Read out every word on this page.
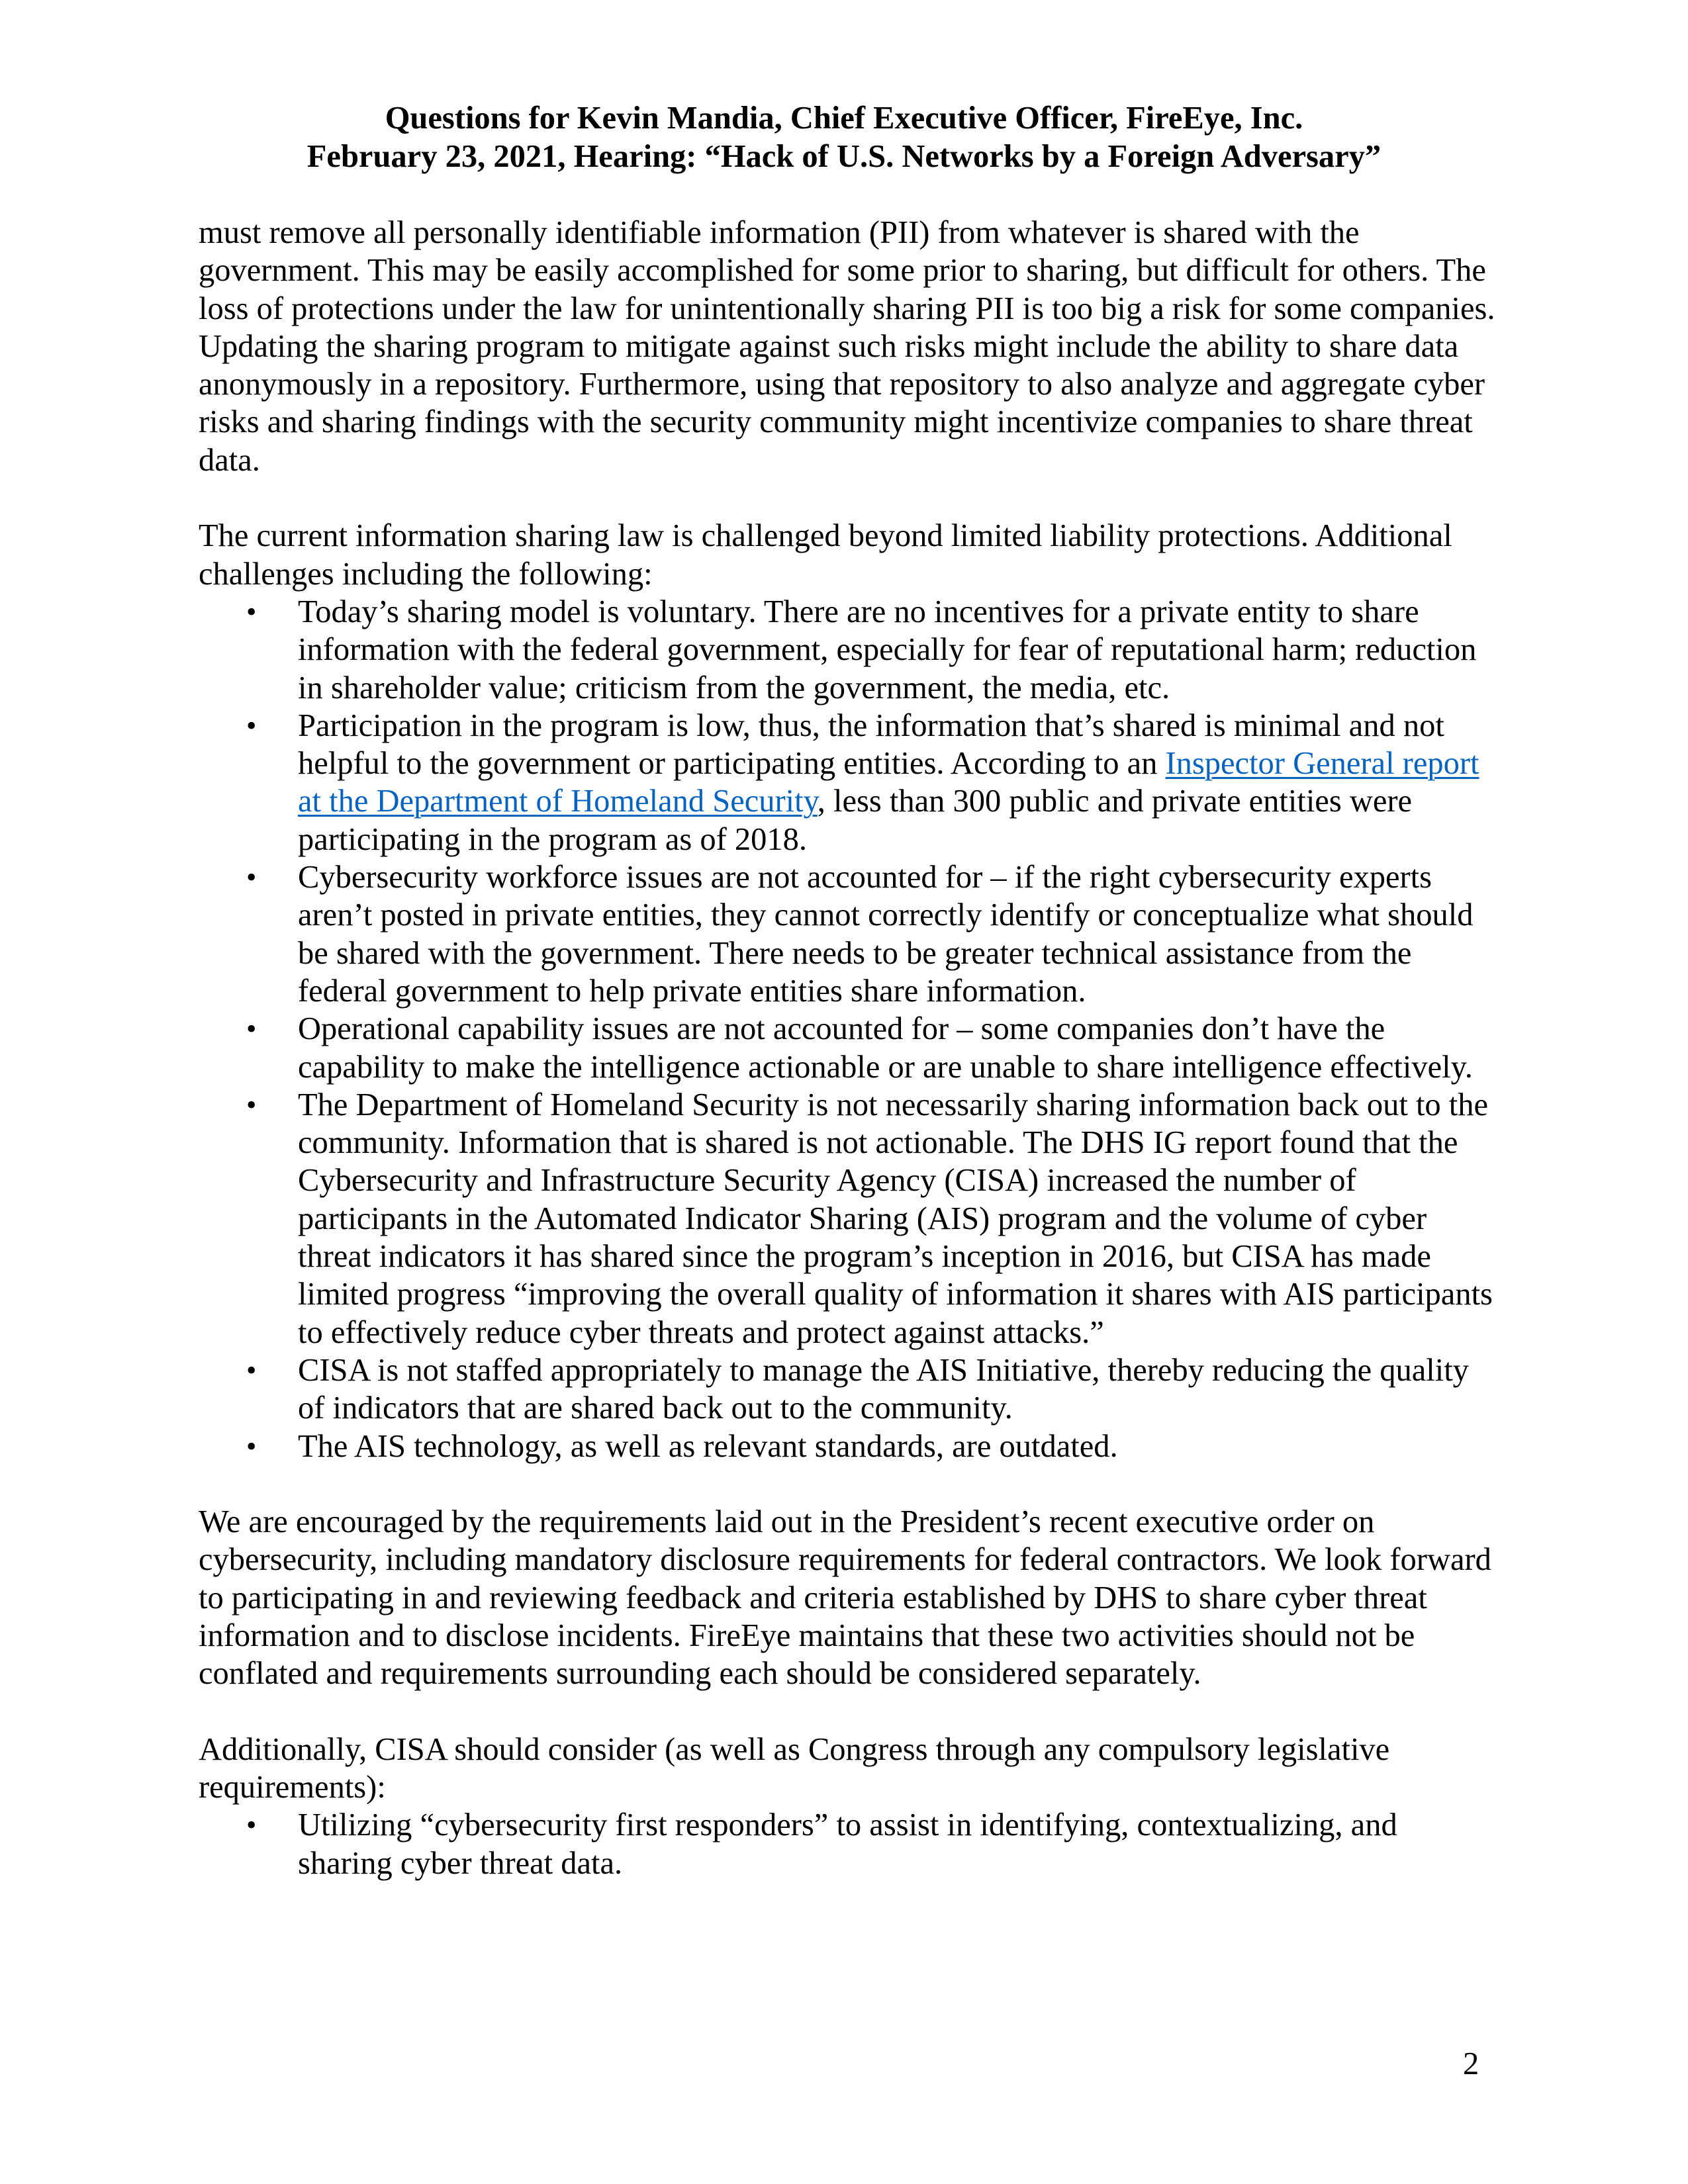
Questions for Kevin Mandia, Chief Executive Officer, FireEye, Inc.
February 23, 2021, Hearing: “Hack of U.S. Networks by a Foreign Adversary”

must remove all personally identifiable information (PII) from whatever is shared with the government. This may be easily accomplished for some prior to sharing, but difficult for others. The loss of protections under the law for unintentionally sharing PII is too big a risk for some companies. Updating the sharing program to mitigate against such risks might include the ability to share data anonymously in a repository. Furthermore, using that repository to also analyze and aggregate cyber risks and sharing findings with the security community might incentivize companies to share threat data.

The current information sharing law is challenged beyond limited liability protections. Additional challenges including the following:

• Today’s sharing model is voluntary. There are no incentives for a private entity to share information with the federal government, especially for fear of reputational harm; reduction in shareholder value; criticism from the government, the media, etc.
• Participation in the program is low, thus, the information that’s shared is minimal and not helpful to the government or participating entities. According to an Inspector General report at the Department of Homeland Security, less than 300 public and private entities were participating in the program as of 2018.
• Cybersecurity workforce issues are not accounted for – if the right cybersecurity experts aren’t posted in private entities, they cannot correctly identify or conceptualize what should be shared with the government. There needs to be greater technical assistance from the federal government to help private entities share information.
• Operational capability issues are not accounted for – some companies don’t have the capability to make the intelligence actionable or are unable to share intelligence effectively.
• The Department of Homeland Security is not necessarily sharing information back out to the community. Information that is shared is not actionable. The DHS IG report found that the Cybersecurity and Infrastructure Security Agency (CISA) increased the number of participants in the Automated Indicator Sharing (AIS) program and the volume of cyber threat indicators it has shared since the program’s inception in 2016, but CISA has made limited progress “improving the overall quality of information it shares with AIS participants to effectively reduce cyber threats and protect against attacks.”
• CISA is not staffed appropriately to manage the AIS Initiative, thereby reducing the quality of indicators that are shared back out to the community.
• The AIS technology, as well as relevant standards, are outdated.

We are encouraged by the requirements laid out in the President’s recent executive order on cybersecurity, including mandatory disclosure requirements for federal contractors. We look forward to participating in and reviewing feedback and criteria established by DHS to share cyber threat information and to disclose incidents. FireEye maintains that these two activities should not be conflated and requirements surrounding each should be considered separately.

Additionally, CISA should consider (as well as Congress through any compulsory legislative requirements):

• Utilizing “cybersecurity first responders” to assist in identifying, contextualizing, and sharing cyber threat data.
2
